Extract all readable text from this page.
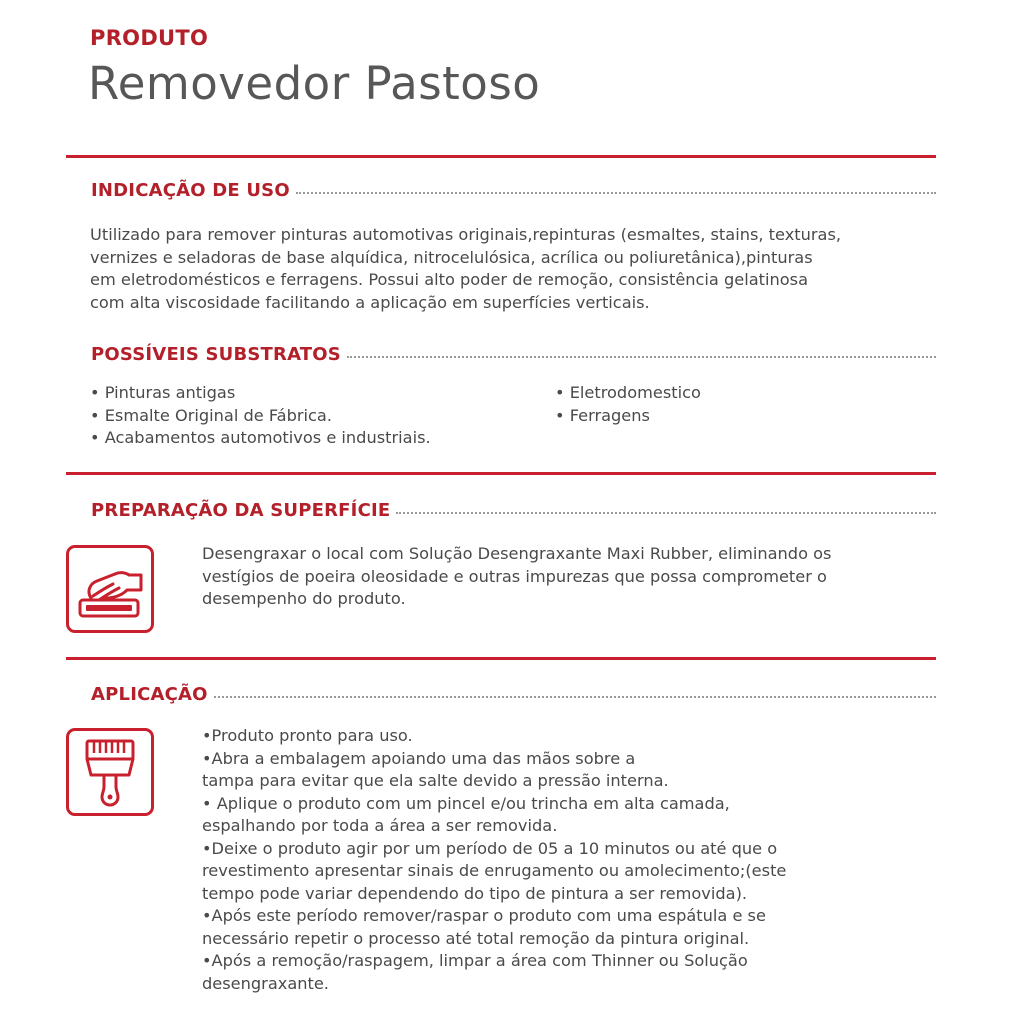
PRODUTO
Removedor Pastoso
INDICAÇÃO DE USO
Utilizado para remover pinturas automotivas originais,repinturas (esmaltes, stains, texturas,
vernizes e seladoras de base alquídica, nitrocelulósica, acrílica ou poliuretânica),pinturas
em eletrodomésticos e ferragens. Possui alto poder de remoção, consistência gelatinosa
com alta viscosidade facilitando a aplicação em superfícies verticais.
POSSÍVEIS SUBSTRATOS
• Pinturas antigas
• Esmalte Original de Fábrica.
• Acabamentos automotivos e industriais.
• Eletrodomestico
• Ferragens
PREPARAÇÃO DA SUPERFÍCIE
Desengraxar o local com Solução Desengraxante Maxi Rubber, eliminando os
vestígios de poeira oleosidade e outras impurezas que possa comprometer o
desempenho do produto.
APLICAÇÃO
•Produto pronto para uso.
•Abra a embalagem apoiando uma das mãos sobre a
tampa para evitar que ela salte devido a pressão interna.
• Aplique o produto com um pincel e/ou trincha em alta camada,
espalhando por toda a área a ser removida.
•Deixe o produto agir por um período de 05 a 10 minutos ou até que o
revestimento apresentar sinais de enrugamento ou amolecimento;(este
tempo pode variar dependendo do tipo de pintura a ser removida).
•Após este período remover/raspar o produto com uma espátula e se
necessário repetir o processo até total remoção da pintura original.
•Após a remoção/raspagem, limpar a área com Thinner ou Solução
desengraxante.
